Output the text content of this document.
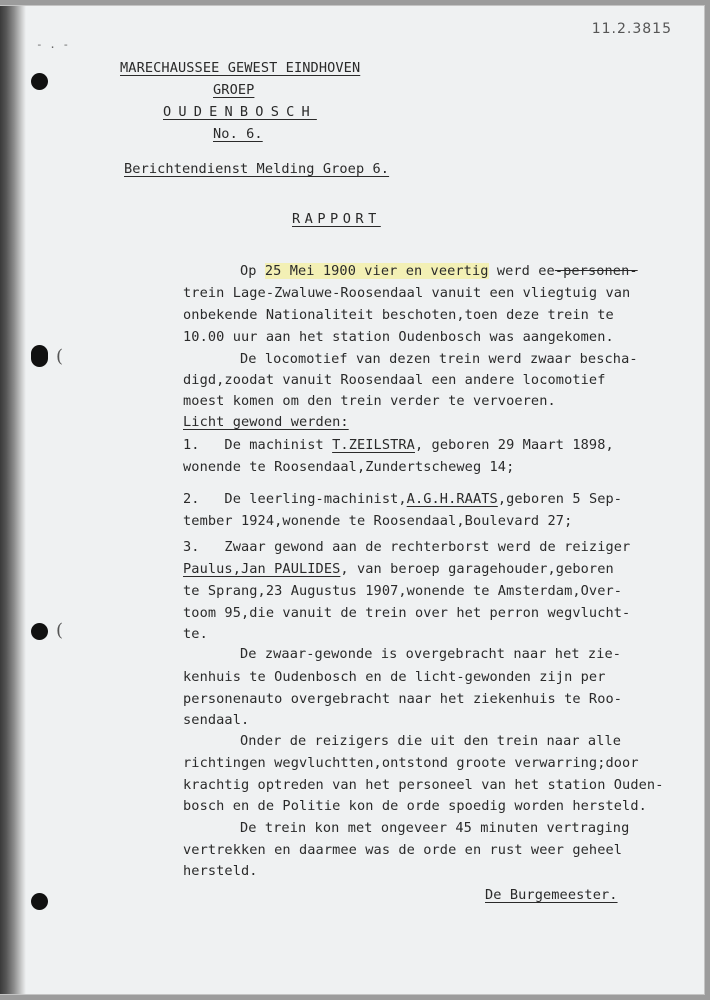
(
(
- . -
11.2.3815
MARECHAUSSEE GEWEST EINDHOVEN
GROEP
OUDENBOSCH
No. 6.
Berichtendienst Melding Groep 6.
RAPPORT
Op 25 Mei 1900 vier en veertig werd ee-personen-
trein Lage-Zwaluwe-Roosendaal vanuit een vliegtuig van
onbekende Nationaliteit beschoten,toen deze trein te
10.00 uur aan het station Oudenbosch was aangekomen.
De locomotief van dezen trein werd zwaar bescha-
digd,zoodat vanuit Roosendaal een andere locomotief
moest komen om den trein verder te vervoeren.
Licht gewond werden:
1.   De machinist T.ZEILSTRA, geboren 29 Maart 1898,
wonende te Roosendaal,Zundertscheweg 14;
2.   De leerling-machinist,A.G.H.RAATS,geboren 5 Sep-
tember 1924,wonende te Roosendaal,Boulevard 27;
3.   Zwaar gewond aan de rechterborst werd de reiziger
Paulus,Jan PAULIDES, van beroep garagehouder,geboren
te Sprang,23 Augustus 1907,wonende te Amsterdam,Over-
toom 95,die vanuit de trein over het perron wegvlucht-
te.
De zwaar-gewonde is overgebracht naar het zie-
kenhuis te Oudenbosch en de licht-gewonden zijn per
personenauto overgebracht naar het ziekenhuis te Roo-
sendaal.
Onder de reizigers die uit den trein naar alle
richtingen wegvluchtten,ontstond groote verwarring;door
krachtig optreden van het personeel van het station Ouden-
bosch en de Politie kon de orde spoedig worden hersteld.
De trein kon met ongeveer 45 minuten vertraging
vertrekken en daarmee was de orde en rust weer geheel
hersteld.
De Burgemeester.
